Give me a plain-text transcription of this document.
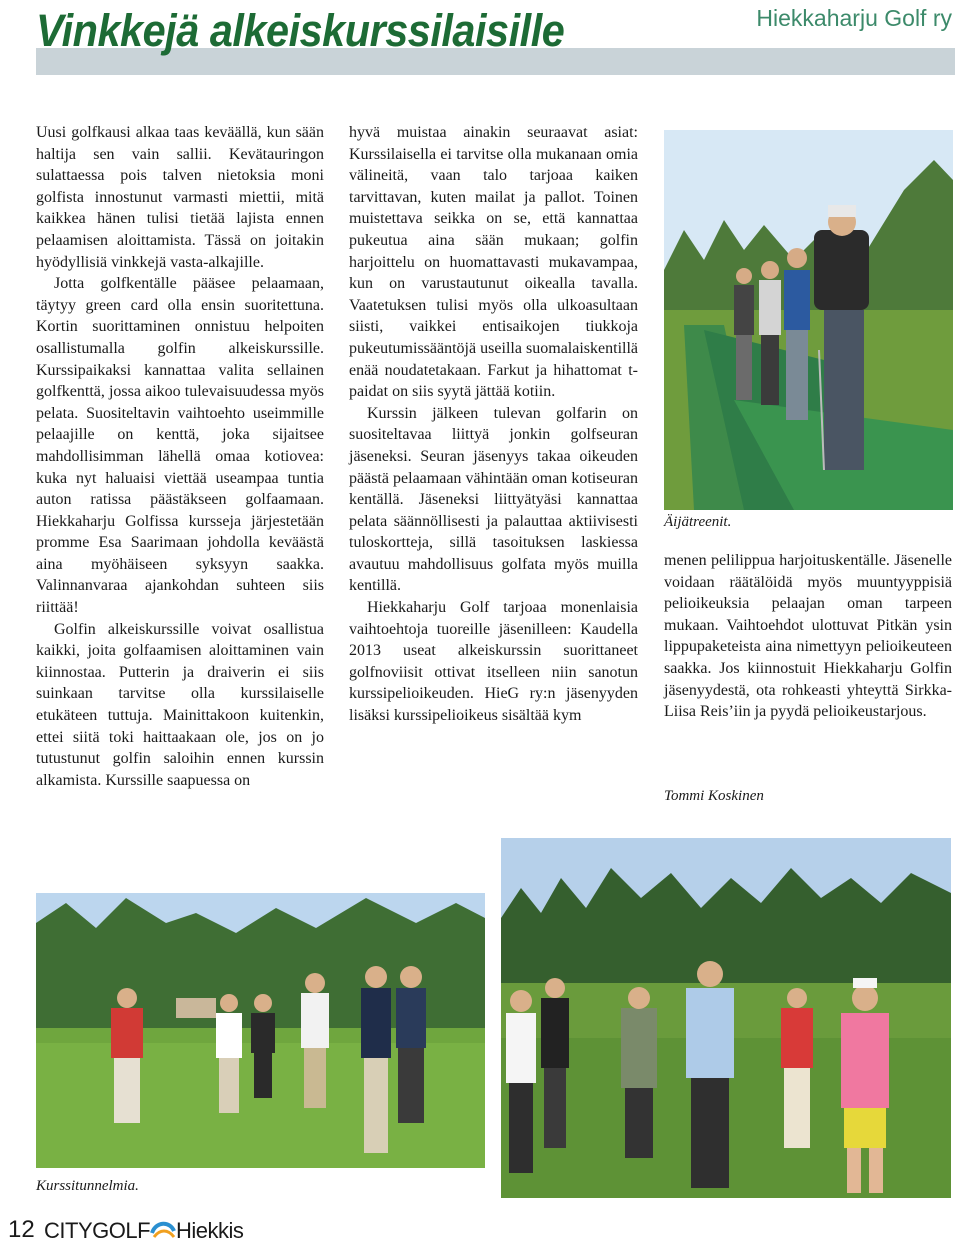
Vinkkejä alkeiskurssilaisille	Hiekkaharju Golf ry

Uusi golfkausi alkaa taas keväällä, kun sään haltija sen vain sallii. Kevätauringon sulattaessa pois talven nietoksia moni golfista innostunut varmasti miettii, mitä kaikkea hänen tulisi tietää lajista ennen pelaamisen aloittamista. Tässä on joitakin hyödyllisiä vinkkejä vasta-alkajille.

Jotta golfkentälle pääsee pelaamaan, täytyy green card olla ensin suoritettuna. Kortin suorittaminen onnistuu helpoiten osallistumalla golfin alkeiskurssille. Kurssipaikaksi kannattaa valita sellainen golfkenttä, jossa aikoo tulevaisuudessa myös pelata. Suositeltavin vaihtoehto useimmille pelaajille on kenttä, joka sijaitsee mahdollisimman lähellä omaa kotiovea: kuka nyt haluaisi viettää useampaa tuntia auton ratissa päästäkseen golfaamaan. Hiekkaharju Golfissa kursseja järjestetään promme Esa Saarimaan johdolla keväästä aina myöhäiseen syksyyn saakka. Valinnanvaraa ajankohdan suhteen siis riittää!

Golfin alkeiskurssille voivat osallistua kaikki, joita golfaamisen aloittaminen vain kiinnostaa. Putterin ja draiverin ei siis suinkaan tarvitse olla kurssilaiselle etukäteen tuttuja. Mainittakoon kuitenkin, ettei siitä toki haittaakaan ole, jos on jo tutustunut golfin saloihin ennen kurssin alkamista. Kurssille saapuessa on

hyvä muistaa ainakin seuraavat asiat: Kurssilaisella ei tarvitse olla mukanaan omia välineitä, vaan talo tarjoaa kaiken tarvittavan, kuten mailat ja pallot. Toinen muistettava seikka on se, että kannattaa pukeutua aina sään mukaan; golfin harjoittelu on huomattavasti mukavampaa, kun on varustautunut oikealla tavalla. Vaatetuksen tulisi myös olla ulkoasultaan siisti, vaikkei entisaikojen tiukkoja pukeutumissääntöjä useilla suomalaiskentillä enää noudatetakaan. Farkut ja hihattomat t-paidat on siis syytä jättää kotiin.

Kurssin jälkeen tulevan golfarin on suositeltavaa liittyä jonkin golfseuran jäseneksi. Seuran jäsenyys takaa oikeuden päästä pelaamaan vähintään oman kotiseuran kentällä. Jäseneksi liittyätyäsi kannattaa pelata säännöllisesti ja palauttaa aktiivisesti tuloskortteja, sillä tasoituksen laskiessa avautuu mahdollisuus golfata myös muilla kentillä.

Hiekkaharju Golf tarjoaa monenlaisia vaihtoehtoja tuoreille jäsenilleen: Kaudella 2013 useat alkeiskurssin suorittaneet golfnoviisit ottivat itselleen niin sanotun kurssipelioikeuden. HieG ry:n jäsenyyden lisäksi kurssipelioikeus sisältää kym

Äijätreenit.

menen pelilippua harjoituskentälle. Jäsenelle voidaan räätälöidä myös muuntyyppisiä pelioikeuksia pelaajan oman tarpeen mukaan. Vaihtoehdot ulottuvat Pitkän ysin lippupaketeista aina nimettyyn pelioikeuteen saakka. Jos kiinnostuit Hiekkaharju Golfin jäsenyydestä, ota rohkeasti yhteyttä Sirkka-Liisa Reis’iin ja pyydä pelioikeustarjous.

Tommi Koskinen
Kurssitunnelmia.
12 CITYGOLF Hiekkis
